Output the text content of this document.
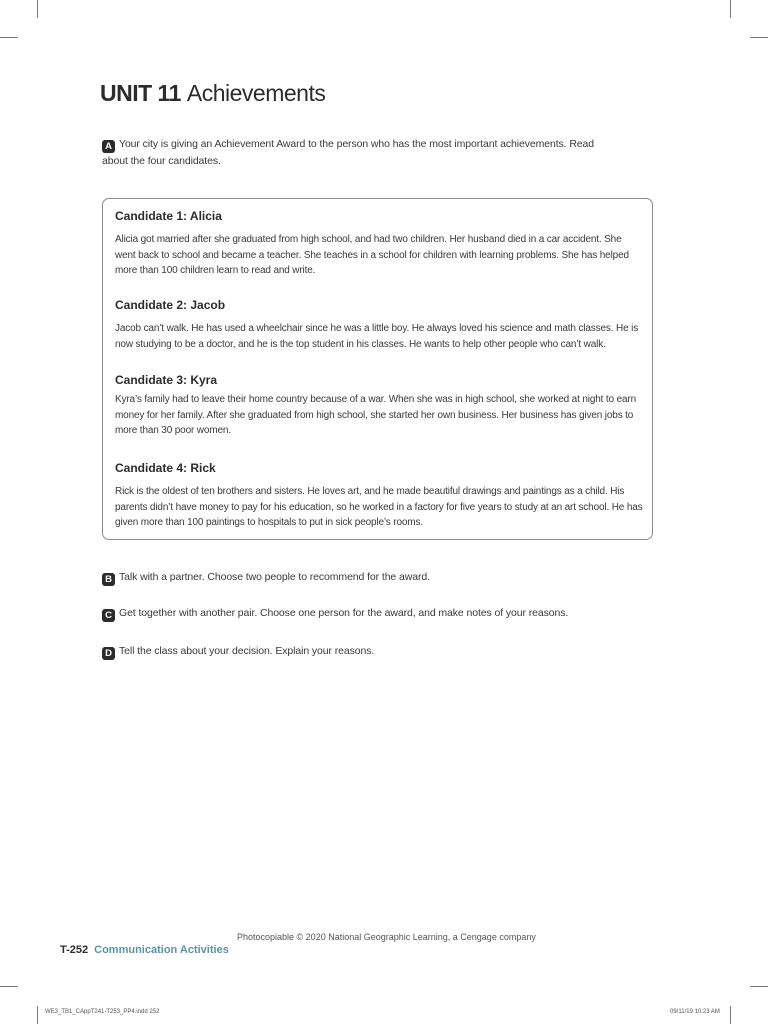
UNIT 11 Achievements
A Your city is giving an Achievement Award to the person who has the most important achievements. Read about the four candidates.
Candidate 1: Alicia
Alicia got married after she graduated from high school, and had two children. Her husband died in a car accident. She went back to school and became a teacher. She teaches in a school for children with learning problems. She has helped more than 100 children learn to read and write.
Candidate 2: Jacob
Jacob can’t walk. He has used a wheelchair since he was a little boy. He always loved his science and math classes. He is now studying to be a doctor, and he is the top student in his classes. He wants to help other people who can’t walk.
Candidate 3: Kyra
Kyra’s family had to leave their home country because of a war. When she was in high school, she worked at night to earn money for her family. After she graduated from high school, she started her own business. Her business has given jobs to more than 30 poor women.
Candidate 4: Rick
Rick is the oldest of ten brothers and sisters. He loves art, and he made beautiful drawings and paintings as a child. His parents didn’t have money to pay for his education, so he worked in a factory for five years to study at an art school. He has given more than 100 paintings to hospitals to put in sick people’s rooms.
B Talk with a partner. Choose two people to recommend for the award.
C Get together with another pair. Choose one person for the award, and make notes of your reasons.
D Tell the class about your decision. Explain your reasons.
Photocopiable © 2020 National Geographic Learning, a Cengage company
T-252 Communication Activities
WE3_TB1_CAppT241-T253_PP4.indd 252	09/11/19 10:23 AM
